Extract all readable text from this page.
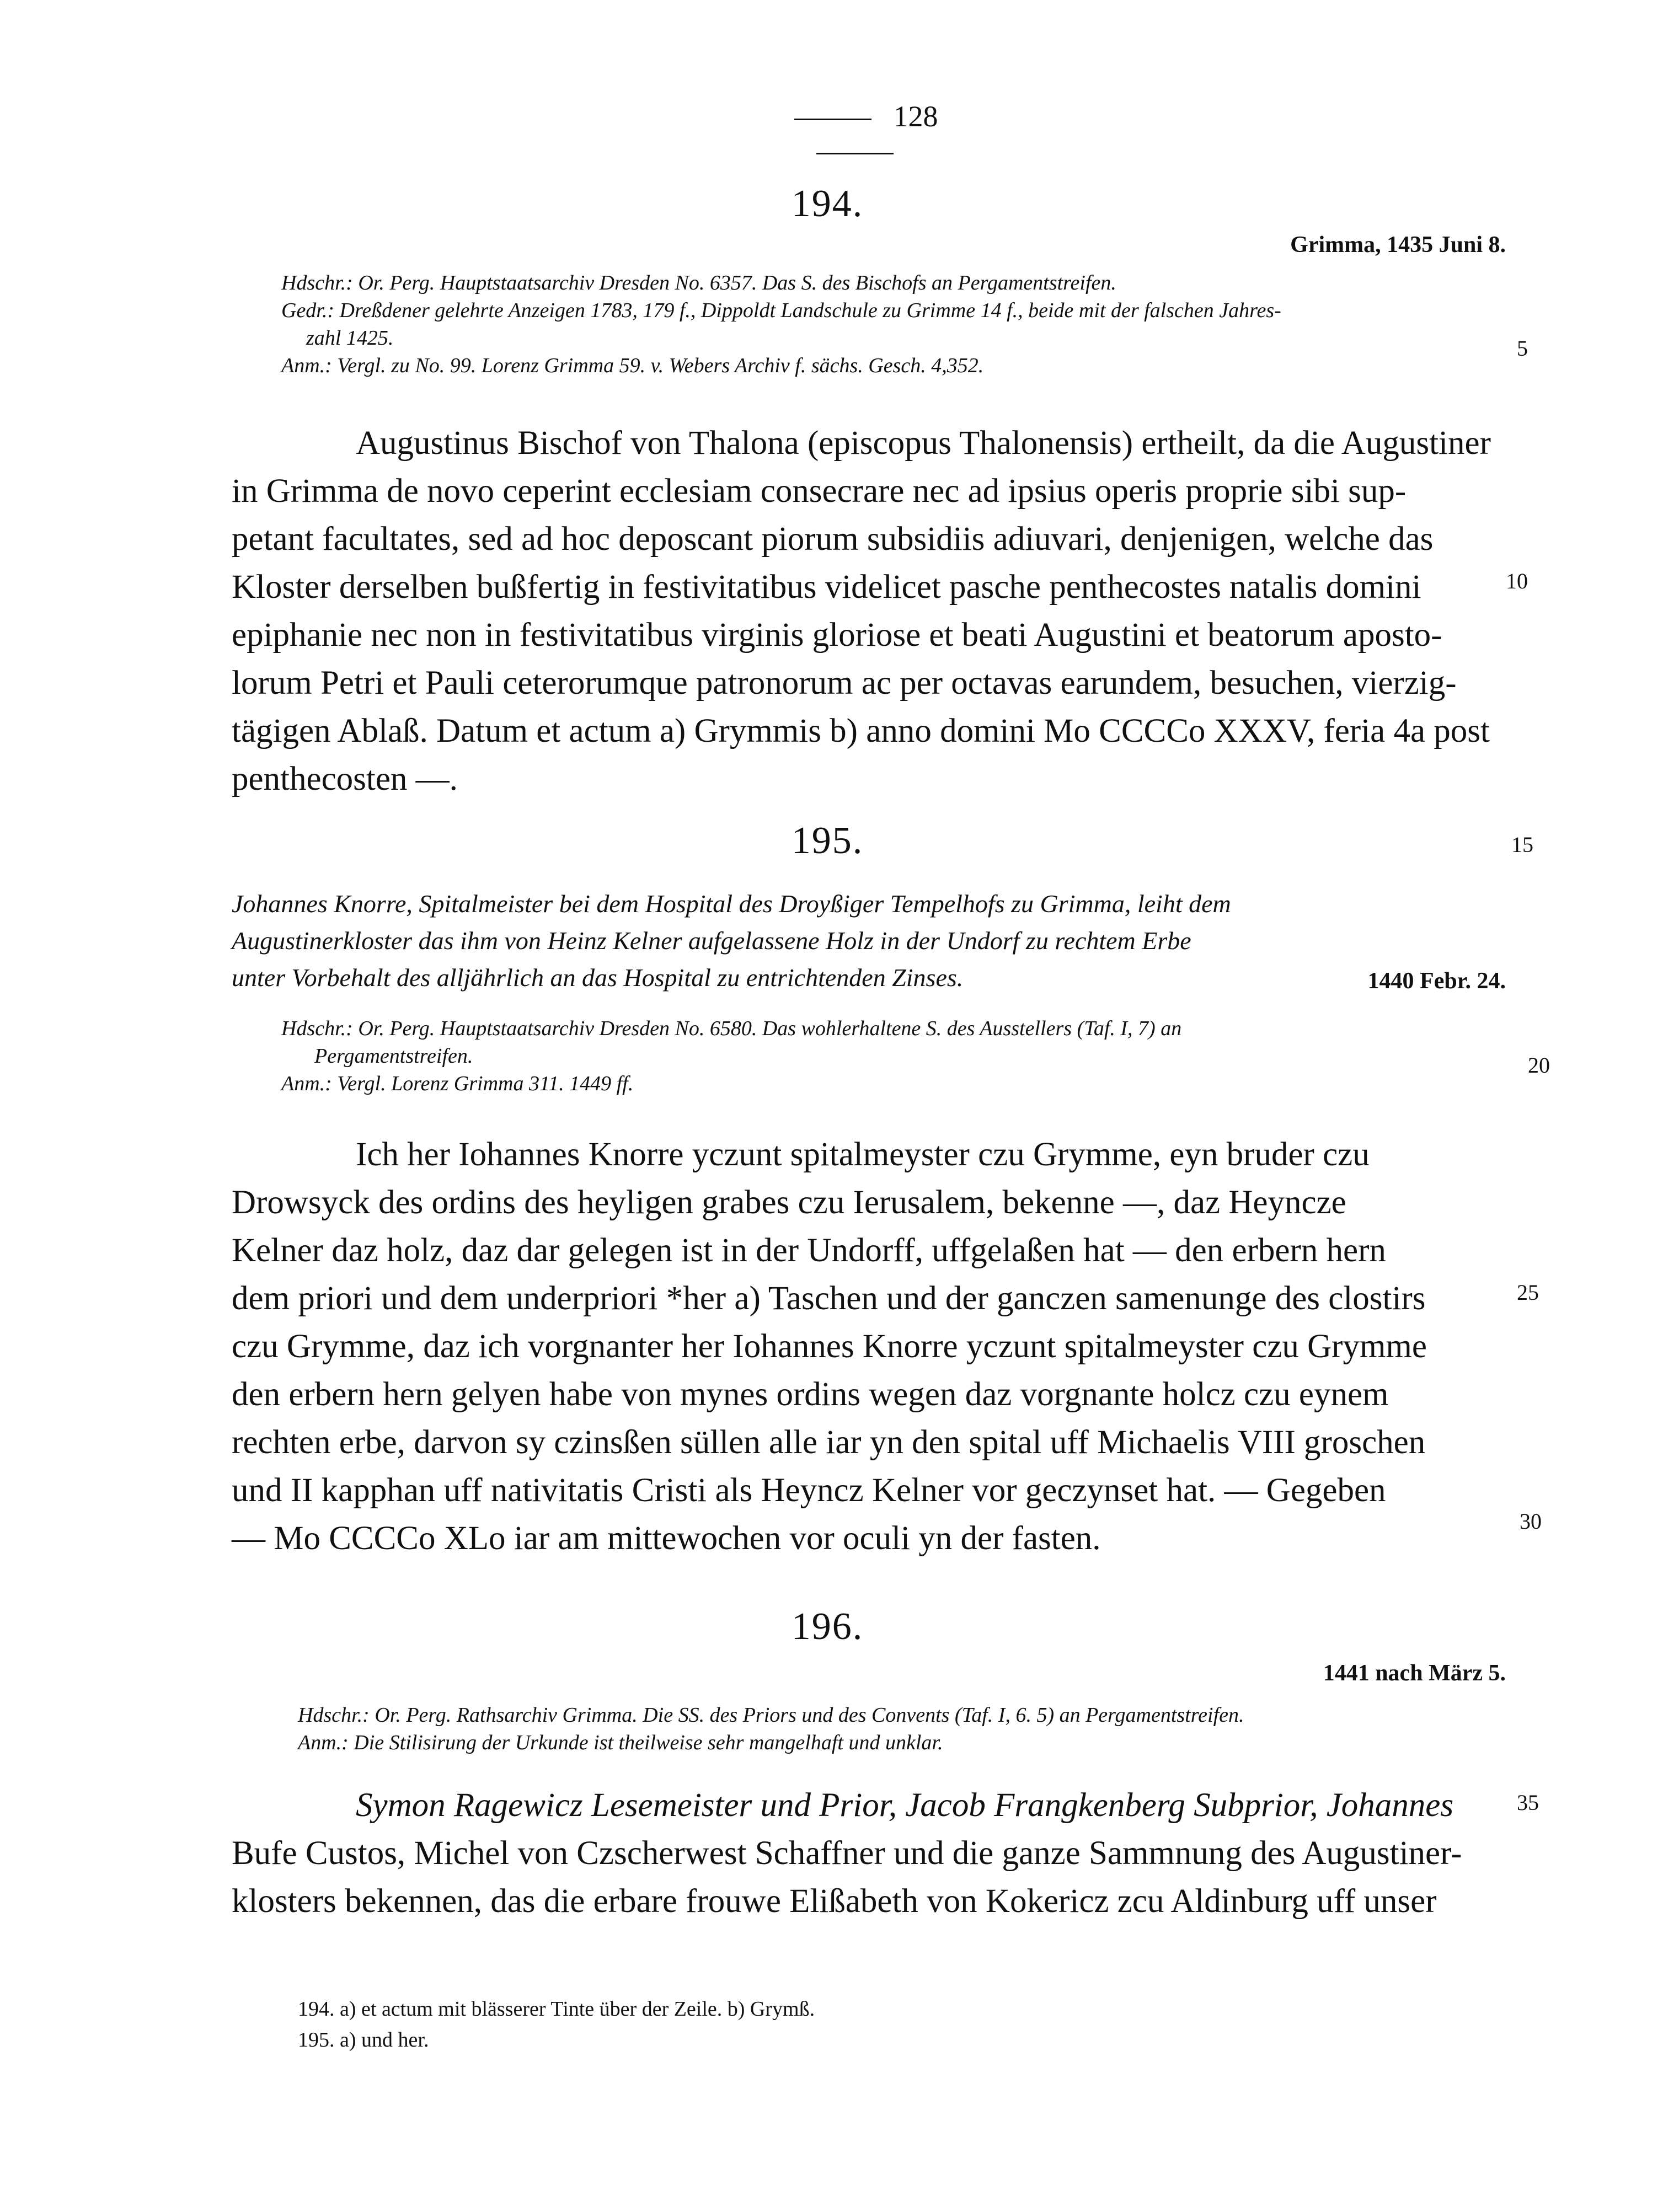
128
194.
Grimma, 1435 Juni 8.
Hdschr.: Or. Perg. Hauptstaatsarchiv Dresden No. 6357. Das S. des Bischofs an Pergamentstreifen.
Gedr.: Dreßdener gelehrte Anzeigen 1783, 179 f., Dippoldt Landschule zu Grimme 14 f., beide mit der falschen Jahres-
zahl 1425.
Anm.: Vergl. zu No. 99. Lorenz Grimma 59. v. Webers Archiv f. sächs. Gesch. 4,352.
Augustinus Bischof von Thalona (episcopus Thalonensis) ertheilt, da die Augustiner
in Grimma de novo ceperint ecclesiam consecrare nec ad ipsius operis proprie sibi sup-
petant facultates, sed ad hoc deposcant piorum subsidiis adiuvari, denjenigen, welche das
Kloster derselben bußfertig in festivitatibus videlicet pasche penthecostes natalis domini
epiphanie nec non in festivitatibus virginis gloriose et beati Augustini et beatorum aposto-
lorum Petri et Pauli ceterorumque patronorum ac per octavas earundem, besuchen, vierzig-
tägigen Ablaß. Datum et actum a) Grymmis b) anno domini Mo CCCCo XXXV, feria 4a post
penthecosten —.
195.
Johannes Knorre, Spitalmeister bei dem Hospital des Droyßiger Tempelhofs zu Grimma, leiht dem
Augustinerkloster das ihm von Heinz Kelner aufgelassene Holz in der Undorf zu rechtem Erbe
unter Vorbehalt des alljährlich an das Hospital zu entrichtenden Zinses.	1440 Febr. 24.
Hdschr.: Or. Perg. Hauptstaatsarchiv Dresden No. 6580. Das wohlerhaltene S. des Ausstellers (Taf. I, 7) an
Pergamentstreifen.
Anm.: Vergl. Lorenz Grimma 311. 1449 ff.
Ich her Iohannes Knorre yczunt spitalmeyster czu Grymme, eyn bruder czu
Drowsyck des ordins des heyligen grabes czu Ierusalem, bekenne —, daz Heyncze
Kelner daz holz, daz dar gelegen ist in der Undorff, uffgelaßen hat — den erbern hern
dem priori und dem underpriori *her a) Taschen und der ganczen samenunge des clostirs
czu Grymme, daz ich vorgnanter her Iohannes Knorre yczunt spitalmeyster czu Grymme
den erbern hern gelyen habe von mynes ordins wegen daz vorgnante holcz czu eynem
rechten erbe, darvon sy czinsßen süllen alle iar yn den spital uff Michaelis VIII groschen
und II kapphan uff nativitatis Cristi als Heyncz Kelner vor geczynset hat. — Gegeben
— Mo CCCCo XLo iar am mittewochen vor oculi yn der fasten.
196.
1441 nach März 5.
Hdschr.: Or. Perg. Rathsarchiv Grimma. Die SS. des Priors und des Convents (Taf. I, 6. 5) an Pergamentstreifen.
Anm.: Die Stilisirung der Urkunde ist theilweise sehr mangelhaft und unklar.
Symon Ragewicz Lesemeister und Prior, Jacob Frangkenberg Subprior, Johannes
Bufe Custos, Michel von Czscherwest Schaffner und die ganze Sammnung des Augustiner-
klosters bekennen, das die erbare frouwe Elißabeth von Kokericz zcu Aldinburg uff unser
194. a) et actum mit blässerer Tinte über der Zeile. b) Grymß.
195. a) und her.
5
10
15
20
25
30
35
